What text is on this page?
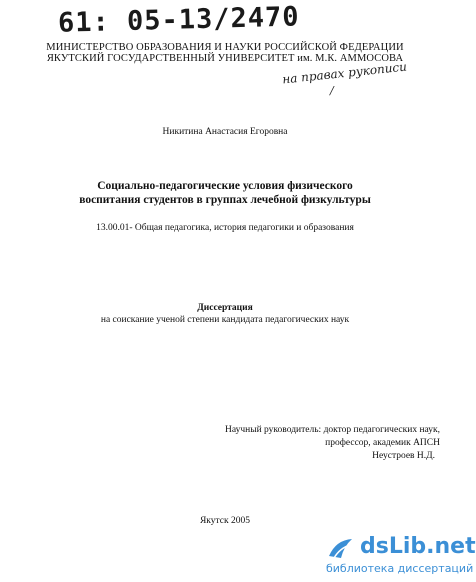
61: 05-13/2470
МИНИСТЕРСТВО ОБРАЗОВАНИЯ И НАУКИ РОССИЙСКОЙ ФЕДЕРАЦИИ
ЯКУТСКИЙ ГОСУДАРСТВЕННЫЙ УНИВЕРСИТЕТ им. М.К. АММОСОВА
на правах рукописи
/
Никитина Анастасия Егоровна
Социально-педагогические условия физического
воспитания студентов в группах лечебной физкультуры
13.00.01- Общая педагогика, история педагогики и образования
Диссертация
на соискание ученой степени кандидата педагогических наук
Научный руководитель: доктор педагогических наук,
профессор, академик АПСН
Неустроев Н.Д.
Якутск 2005
dsLib.net
библиотека диссертаций
